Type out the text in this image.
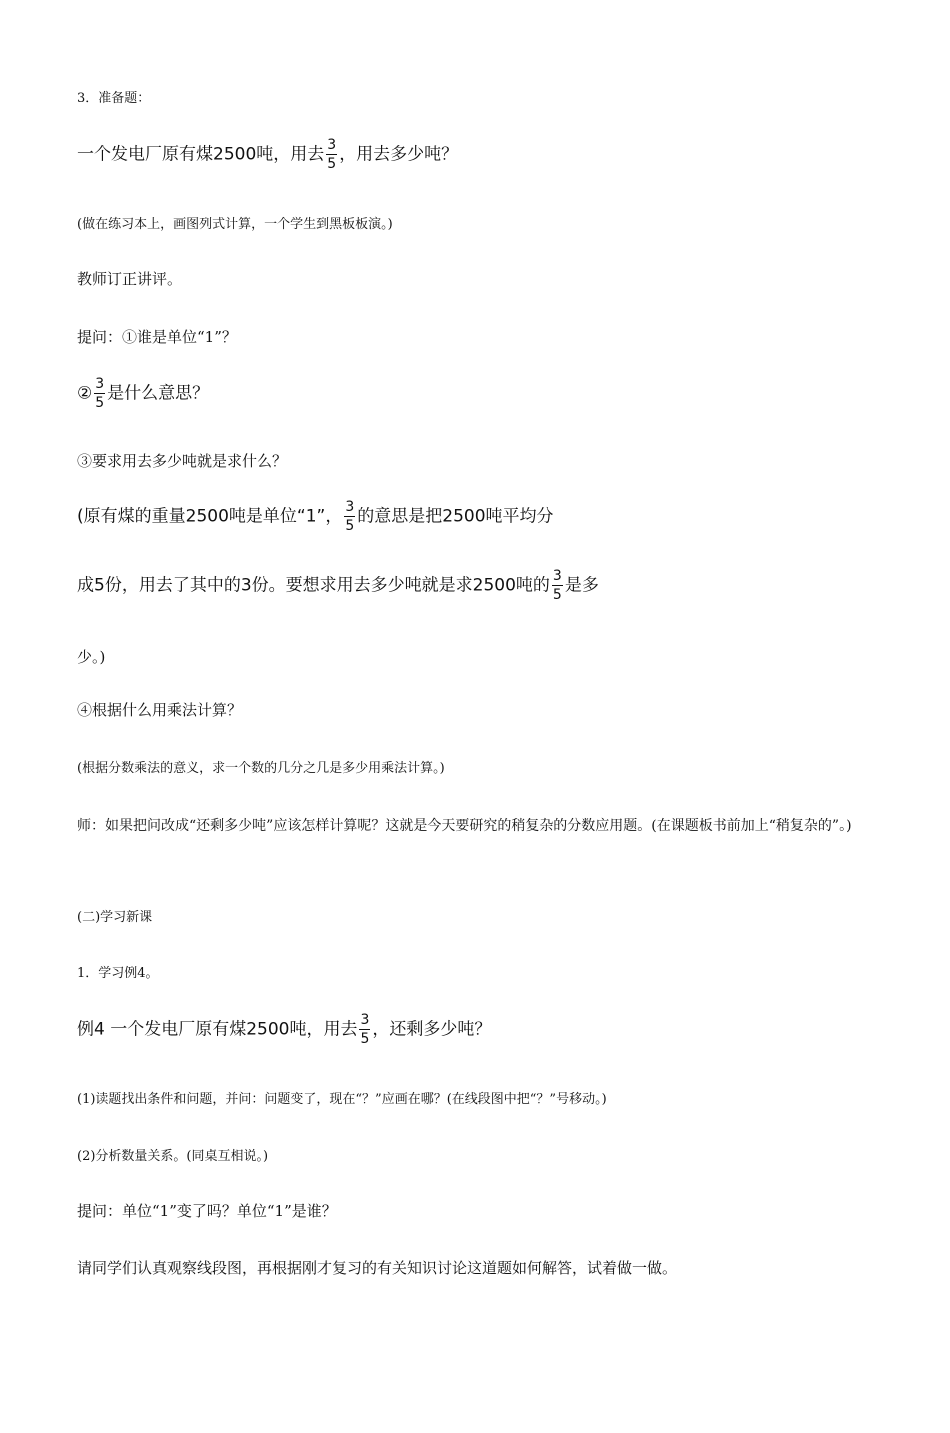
3．准备题：
一个发电厂原有煤2500吨，用去 $\frac{3}{5}$ ，用去多少吨？
(做在练习本上，画图列式计算，一个学生到黑板板演。)
教师订正讲评。
提问：①谁是单位“1”？
② $\frac{3}{5}$ 是什么意思？
③要求用去多少吨就是求什么？
(原有煤的重量2500吨是单位“1”， $\frac{3}{5}$ 的意思是把2500吨平均分
成5份，用去了其中的3份。要想求用去多少吨就是求2500吨的 $\frac{3}{5}$ 是多
少。)
④根据什么用乘法计算？
(根据分数乘法的意义，求一个数的几分之几是多少用乘法计算。)
师：如果把问改成“还剩多少吨”应该怎样计算呢？这就是今天要研究的稍复杂的分数应用题。(在课题板书前加上“稍复杂的”。)
(二)学习新课
1．学习例4。
例4 一个发电厂原有煤2500吨，用去 $\frac{3}{5}$ ，还剩多少吨？
(1)读题找出条件和问题，并问：问题变了，现在“？”应画在哪？(在线段图中把“？”号移动。)
(2)分析数量关系。(同桌互相说。)
提问：单位“1”变了吗？单位“1”是谁？
请同学们认真观察线段图，再根据刚才复习的有关知识讨论这道题如何解答，试着做一做。
